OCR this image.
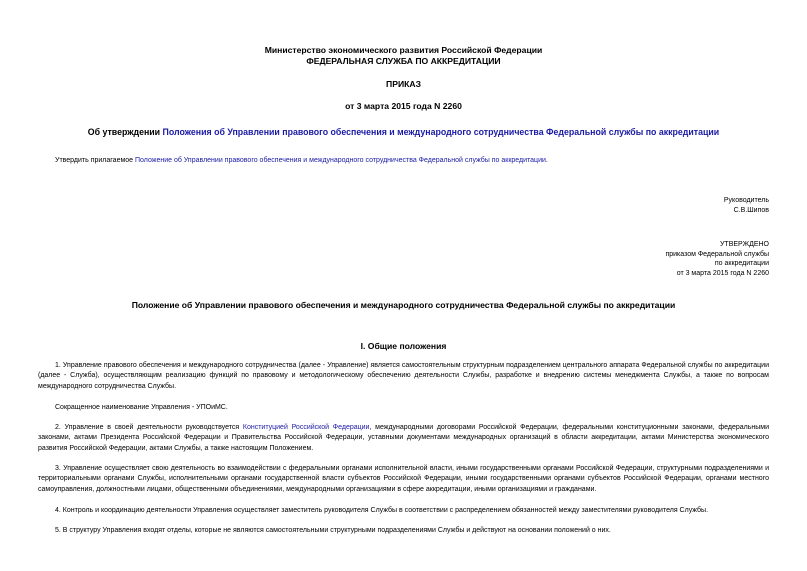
Министерство экономического развития Российской Федерации
ФЕДЕРАЛЬНАЯ СЛУЖБА ПО АККРЕДИТАЦИИ
ПРИКАЗ
от 3 марта 2015 года N 2260
Об утверждении Положения об Управлении правового обеспечения и международного сотрудничества Федеральной службы по аккредитации
Утвердить прилагаемое Положение об Управлении правового обеспечения и международного сотрудничества Федеральной службы по аккредитации.
Руководитель
С.В.Шипов
УТВЕРЖДЕНО
приказом Федеральной службы
по аккредитации
от 3 марта 2015 года N 2260
Положение об Управлении правового обеспечения и международного сотрудничества Федеральной службы по аккредитации
I. Общие положения
1. Управление правового обеспечения и международного сотрудничества (далее - Управление) является самостоятельным структурным подразделением центрального аппарата Федеральной службы по аккредитации (далее - Служба), осуществляющим реализацию функций по правовому и методологическому обеспечению деятельности Службы, разработке и внедрению системы менеджмента Службы, а также по вопросам международного сотрудничества Службы.
Сокращенное наименование Управления - УПОиМС.
2. Управление в своей деятельности руководствуется Конституцией Российской Федерации, международными договорами Российской Федерации, федеральными конституционными законами, федеральными законами, актами Президента Российской Федерации и Правительства Российской Федерации, уставными документами международных организаций в области аккредитации, актами Министерства экономического развития Российской Федерации, актами Службы, а также настоящим Положением.
3. Управление осуществляет свою деятельность во взаимодействии с федеральными органами исполнительной власти, иными государственными органами Российской Федерации, структурными подразделениями и территориальными органами Службы, исполнительными органами государственной власти субъектов Российской Федерации, иными государственными органами субъектов Российской Федерации, органами местного самоуправления, должностными лицами, общественными объединениями, международными организациями в сфере аккредитации, иными организациями и гражданами.
4. Контроль и координацию деятельности Управления осуществляет заместитель руководителя Службы в соответствии с распределением обязанностей между заместителями руководителя Службы.
5. В структуру Управления входят отделы, которые не являются самостоятельными структурными подразделениями Службы и действуют на основании положений о них.
